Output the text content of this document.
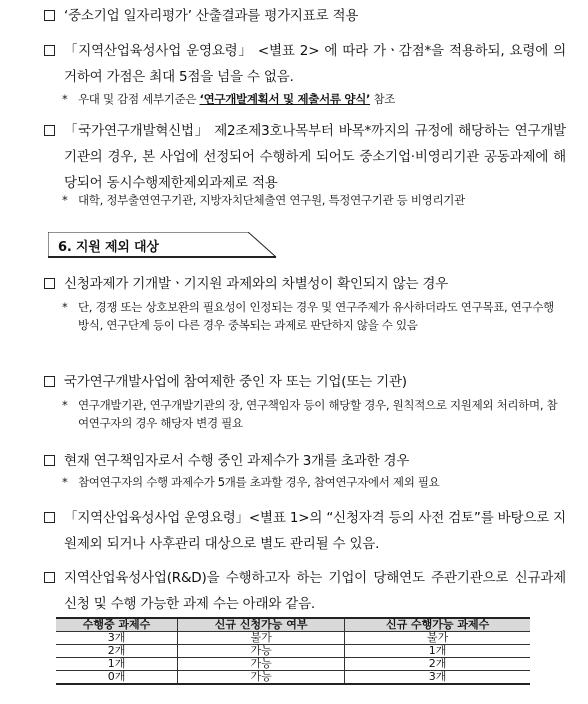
‘중소기업 일자리평가’ 산출결과를 평가지표로 적용
「지역산업육성사업 운영요령」 <별표 2> 에 따라 가ㆍ감점*을 적용하되, 요령에 의거하여 가점은 최대 5점을 넘을 수 없음.
* 우대 및 감점 세부기준은 ‘연구개발계획서 및 제출서류 양식’ 참조
「국가연구개발혁신법」 제2조제3호나목부터 바목*까지의 규정에 해당하는 연구개발기관의 경우, 본 사업에 선정되어 수행하게 되어도 중소기업·비영리기관 공동과제에 해당되어 동시수행제한제외과제로 적용
* 대학, 정부출연연구기관, 지방자치단체출연 연구원, 특정연구기관 등 비영리기관
6. 지원 제외 대상
신청과제가 기개발ㆍ기지원 과제와의 차별성이 확인되지 않는 경우
* 단, 경쟁 또는 상호보완의 필요성이 인정되는 경우 및 연구주제가 유사하더라도 연구목표, 연구수행방식, 연구단계 등이 다른 경우 중복되는 과제로 판단하지 않을 수 있음
국가연구개발사업에 참여제한 중인 자 또는 기업(또는 기관)
* 연구개발기관, 연구개발기관의 장, 연구책임자 등이 해당할 경우, 원칙적으로 지원제외 처리하며, 참여연구자의 경우 해당자 변경 필요
현재 연구책임자로서 수행 중인 과제수가 3개를 초과한 경우
* 참여연구자의 수행 과제수가 5개를 초과할 경우, 참여연구자에서 제외 필요
「지역산업육성사업 운영요령」<별표 1>의 “신청자격 등의 사전 검토”를 바탕으로 지원제외 되거나 사후관리 대상으로 별도 관리될 수 있음.
지역산업육성사업(R&D)을 수행하고자 하는 기업이 당해연도 주관기관으로 신규과제 신청 및 수행 가능한 과제 수는 아래와 같음.
수행중 과제수	신규 신청가능 여부	신규 수행가능 과제수
3개	불가	불가
2개	가능	1개
1개	가능	2개
0개	가능	3개
